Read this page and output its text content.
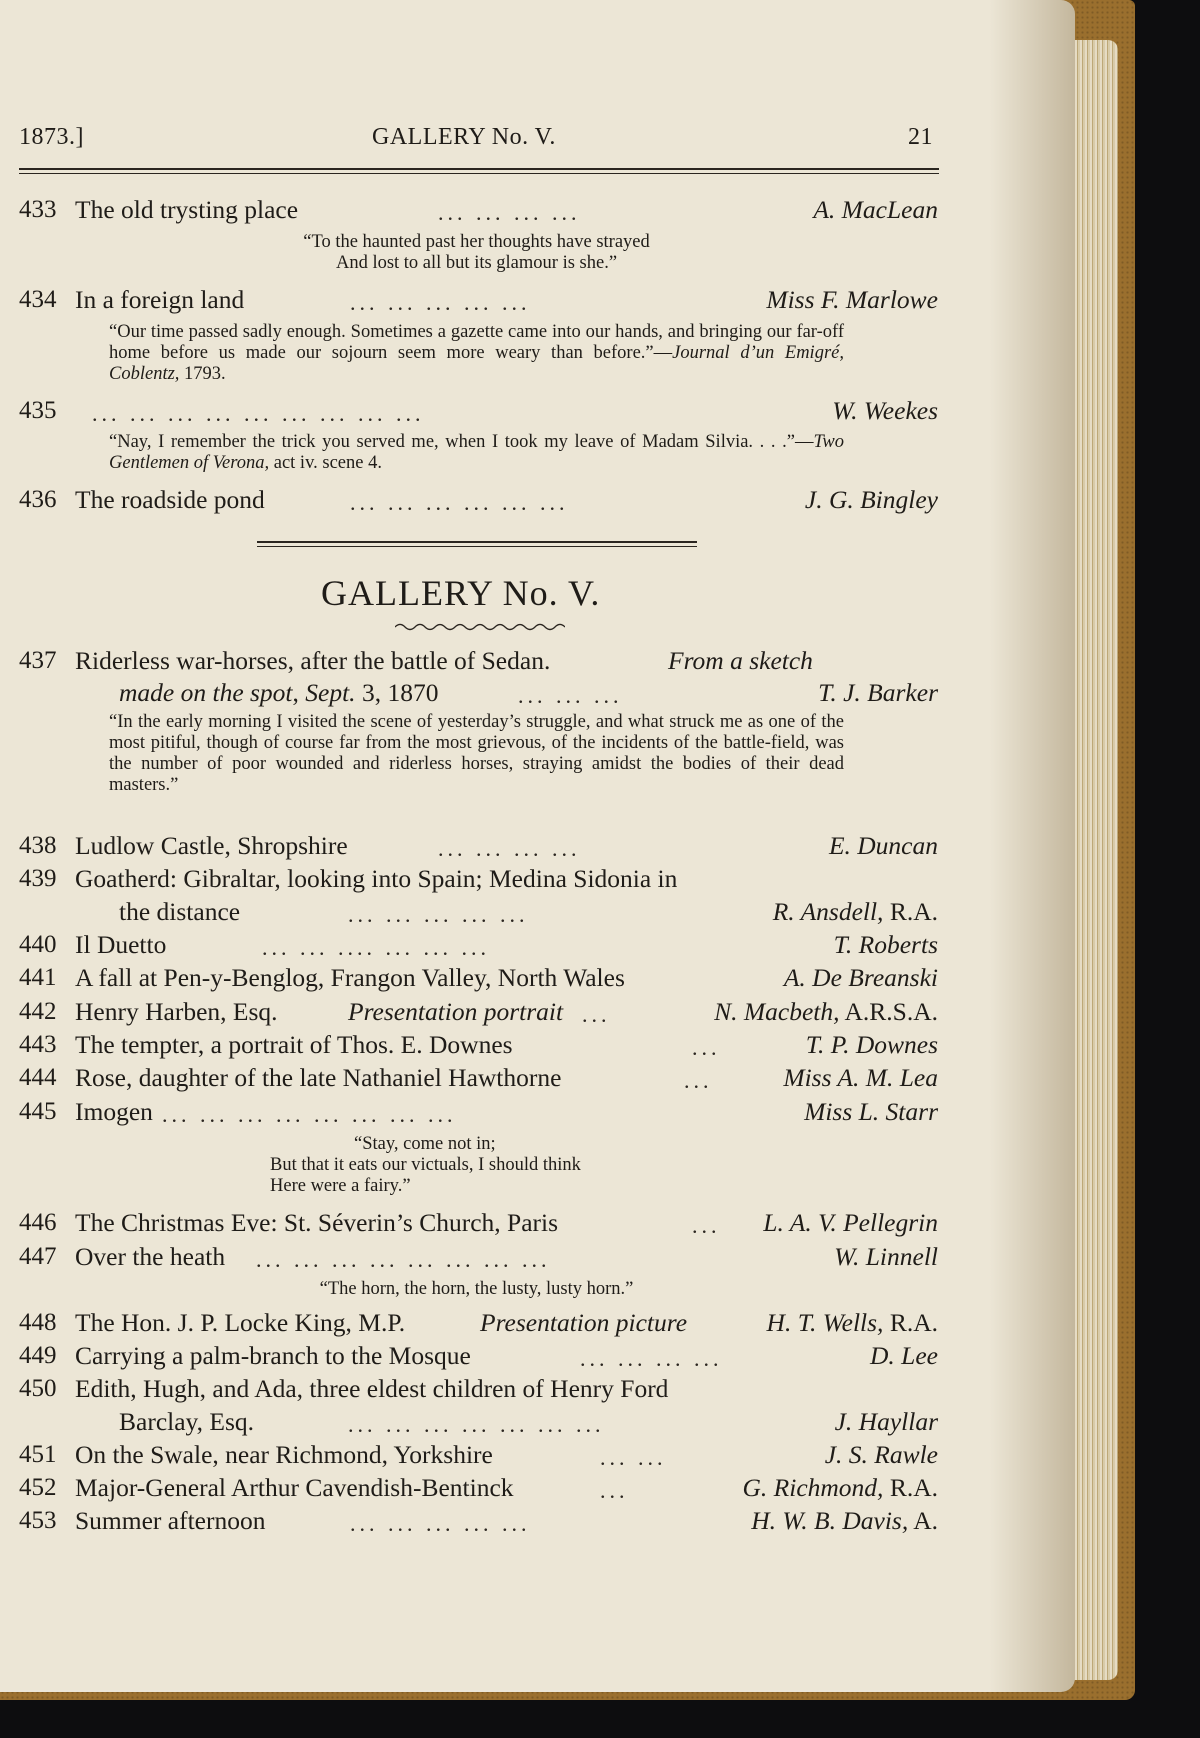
1873.]	GALLERY No. V.	21
433 The old trysting place	... ... ... ...	A. MacLean
“To the haunted past her thoughts have strayed
And lost to all but its glamour is she.”
434 In a foreign land	... ... ... ... ...	Miss F. Marlowe
“Our time passed sadly enough. Sometimes a gazette came into our hands, and bringing our far-off home before us made our sojourn seem more weary than before.”—Journal d’un Emigré, Coblentz, 1793.
435	... ... ... ... ... ... ... ... ...	W. Weekes
“Nay, I remember the trick you served me, when I took my leave of Madam Silvia. . . .”—Two Gentlemen of Verona, act iv. scene 4.
436 The roadside pond	... ... ... ... ... ...	J. G. Bingley
GALLERY No. V.
437 Riderless war-horses, after the battle of Sedan.	From a sketch
made on the spot, Sept. 3, 1870	... ... ...	T. J. Barker
“In the early morning I visited the scene of yesterday’s struggle, and what struck me as one of the most pitiful, though of course far from the most grievous, of the incidents of the battle-field, was the number of poor wounded and riderless horses, straying amidst the bodies of their dead masters.”
438 Ludlow Castle, Shropshire	... ... ... ...	E. Duncan
439 Goatherd: Gibraltar, looking into Spain; Medina Sidonia in
the distance	... ... ... ... ...	R. Ansdell, R.A.
440 Il Duetto	... ... .... ... ... ...	T. Roberts
441 A fall at Pen-y-Benglog, Frangon Valley, North Wales	A. De Breanski
442 Henry Harben, Esq.	Presentation portrait ...	N. Macbeth, A.R.S.A.
443 The tempter, a portrait of Thos. E. Downes	...	T. P. Downes
444 Rose, daughter of the late Nathaniel Hawthorne	...	Miss A. M. Lea
445 Imogen ... ... ... ... ... ... ... ...	Miss L. Starr
“Stay, come not in;
But that it eats our victuals, I should think
Here were a fairy.”
446 The Christmas Eve: St. Séverin’s Church, Paris	... L. A. V. Pellegrin
447 Over the heath ... ... ... ... ... ... ... ...	W. Linnell
“The horn, the horn, the lusty, lusty horn.”
448 The Hon. J. P. Locke King, M.P.	Presentation picture	H. T. Wells, R.A.
449 Carrying a palm-branch to the Mosque	... ... ... ...	D. Lee
450 Edith, Hugh, and Ada, three eldest children of Henry Ford
Barclay, Esq.	... ... ... ... ... ... ...	J. Hayllar
451 On the Swale, near Richmond, Yorkshire	... ...	J. S. Rawle
452 Major-General Arthur Cavendish-Bentinck	...	G. Richmond, R.A.
453 Summer afternoon	... ... ... ... ...	H. W. B. Davis, A.
